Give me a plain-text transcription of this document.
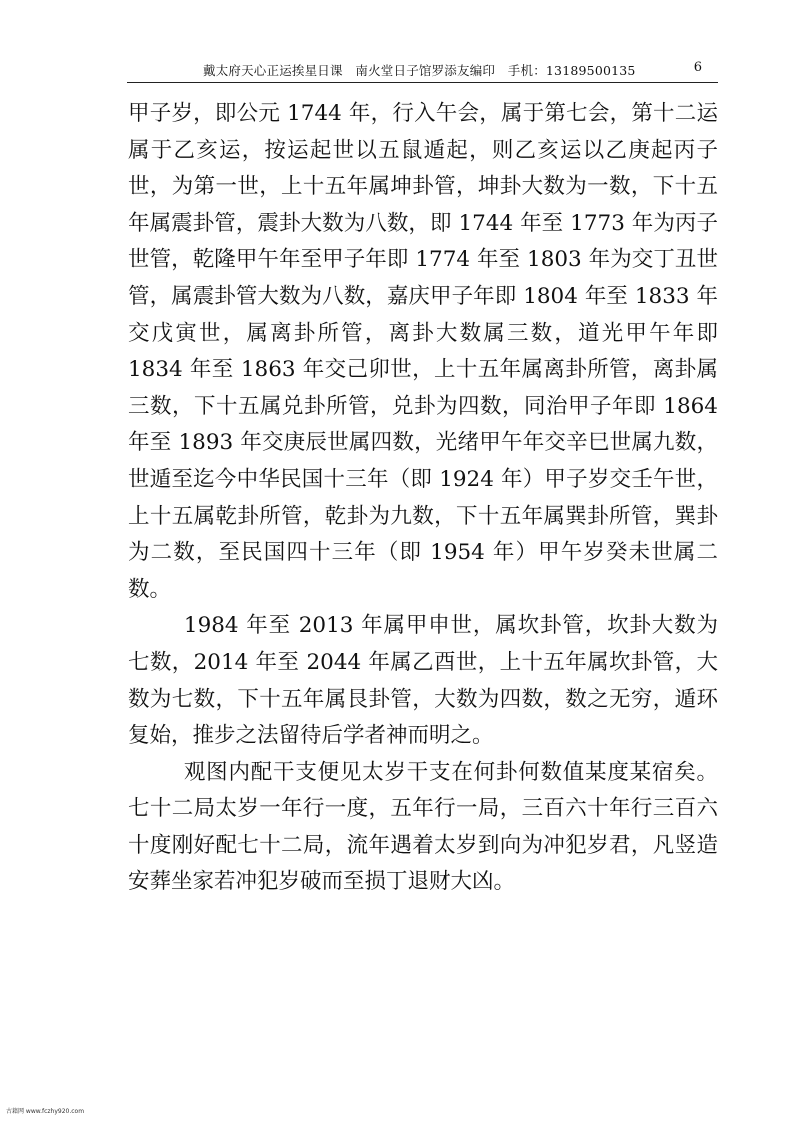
戴太府天心正运挨星日课　南火堂日子馆罗添友编印　手机：13189500135	6

甲子岁，即公元 1744 年，行入午会，属于第七会，第十二运属于乙亥运，按运起世以五鼠遁起，则乙亥运以乙庚起丙子世，为第一世，上十五年属坤卦管，坤卦大数为一数，下十五年属震卦管，震卦大数为八数，即 1744 年至 1773 年为丙子世管，乾隆甲午年至甲子年即 1774 年至 1803 年为交丁丑世管，属震卦管大数为八数，嘉庆甲子年即 1804 年至 1833 年交戊寅世，属离卦所管，离卦大数属三数，道光甲午年即 1834 年至 1863 年交己卯世，上十五年属离卦所管，离卦属三数，下十五属兑卦所管，兑卦为四数，同治甲子年即 1864 年至 1893 年交庚辰世属四数，光绪甲午年交辛巳世属九数，世遁至迄今中华民国十三年（即 1924 年）甲子岁交壬午世，上十五属乾卦所管，乾卦为九数，下十五年属巽卦所管，巽卦为二数，至民国四十三年（即 1954 年）甲午岁癸未世属二数。

1984 年至 2013 年属甲申世，属坎卦管，坎卦大数为七数，2014 年至 2044 年属乙酉世，上十五年属坎卦管，大数为七数，下十五年属艮卦管，大数为四数，数之无穷，遁环复始，推步之法留待后学者神而明之。

观图内配干支便见太岁干支在何卦何数值某度某宿矣。七十二局太岁一年行一度，五年行一局，三百六十年行三百六十度刚好配七十二局，流年遇着太岁到向为冲犯岁君，凡竖造安葬坐家若冲犯岁破而至损丁退财大凶。

古籍网 www.fczhy920.com
